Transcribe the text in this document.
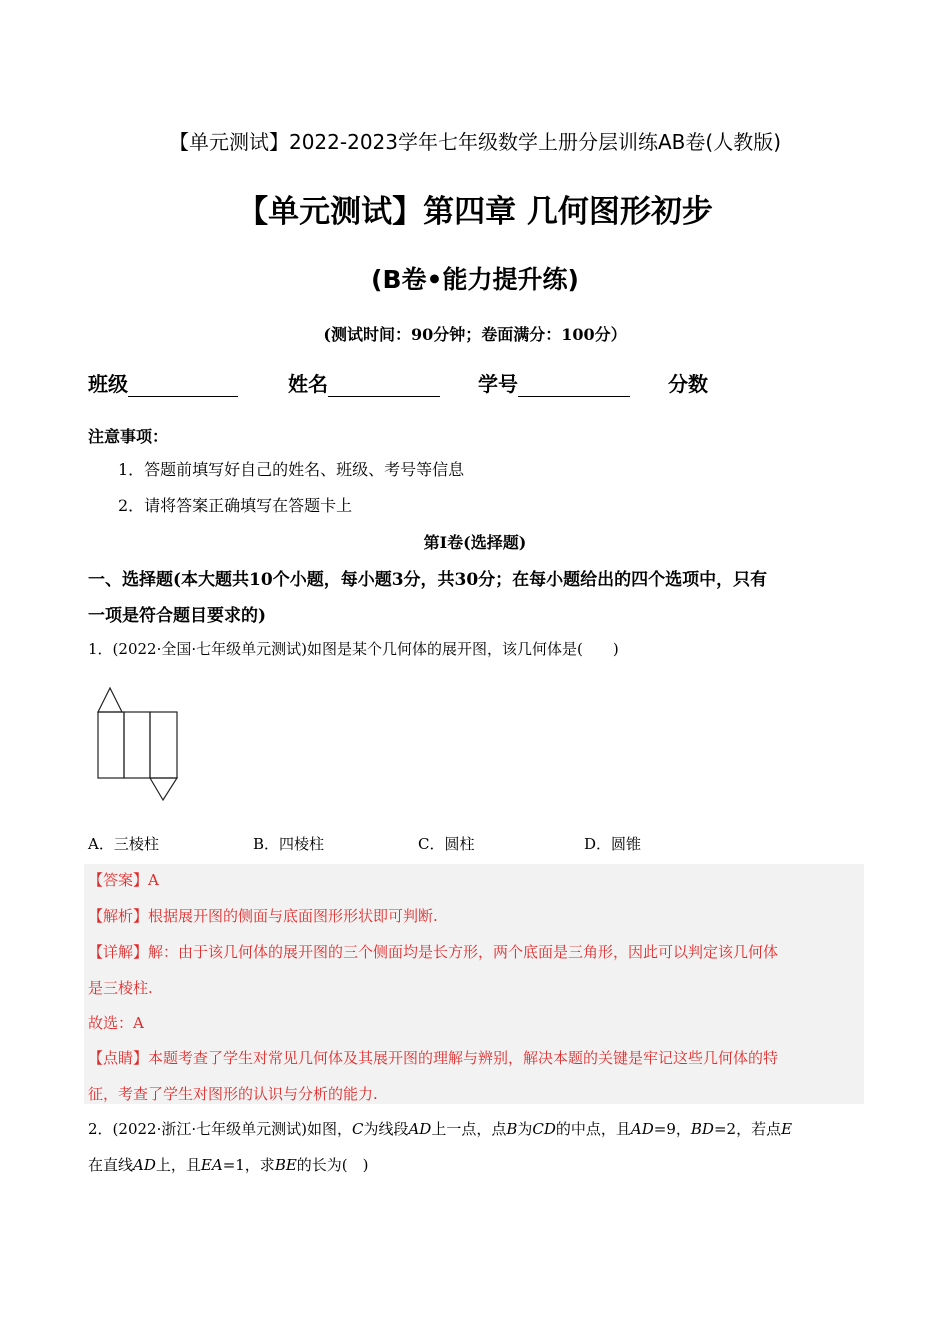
【单元测试】2022-2023学年七年级数学上册分层训练AB卷(人教版)
【单元测试】第四章 几何图形初步
(B卷•能力提升练)
(测试时间：90分钟；卷面满分：100分）
班级	姓名	学号	分数
注意事项：
1．答题前填写好自己的姓名、班级、考号等信息
2．请将答案正确填写在答题卡上
第Ⅰ卷(选择题)
一、选择题(本大题共10个小题，每小题3分，共30分；在每小题给出的四个选项中，只有
一项是符合题目要求的)
1．(2022·全国·七年级单元测试)如图是某个几何体的展开图，该几何体是(　　)
A．三棱柱	B．四棱柱	C．圆柱	D．圆锥
【答案】A
【解析】根据展开图的侧面与底面图形形状即可判断.
【详解】解：由于该几何体的展开图的三个侧面均是长方形，两个底面是三角形，因此可以判定该几何体
是三棱柱.
故选：A
【点睛】本题考查了学生对常见几何体及其展开图的理解与辨别，解决本题的关键是牢记这些几何体的特
征，考查了学生对图形的认识与分析的能力.
2．(2022·浙江·七年级单元测试)如图，C为线段AD上一点，点B为CD的中点，且AD=9，BD=2，若点E
在直线AD上，且EA=1，求BE的长为(　)
